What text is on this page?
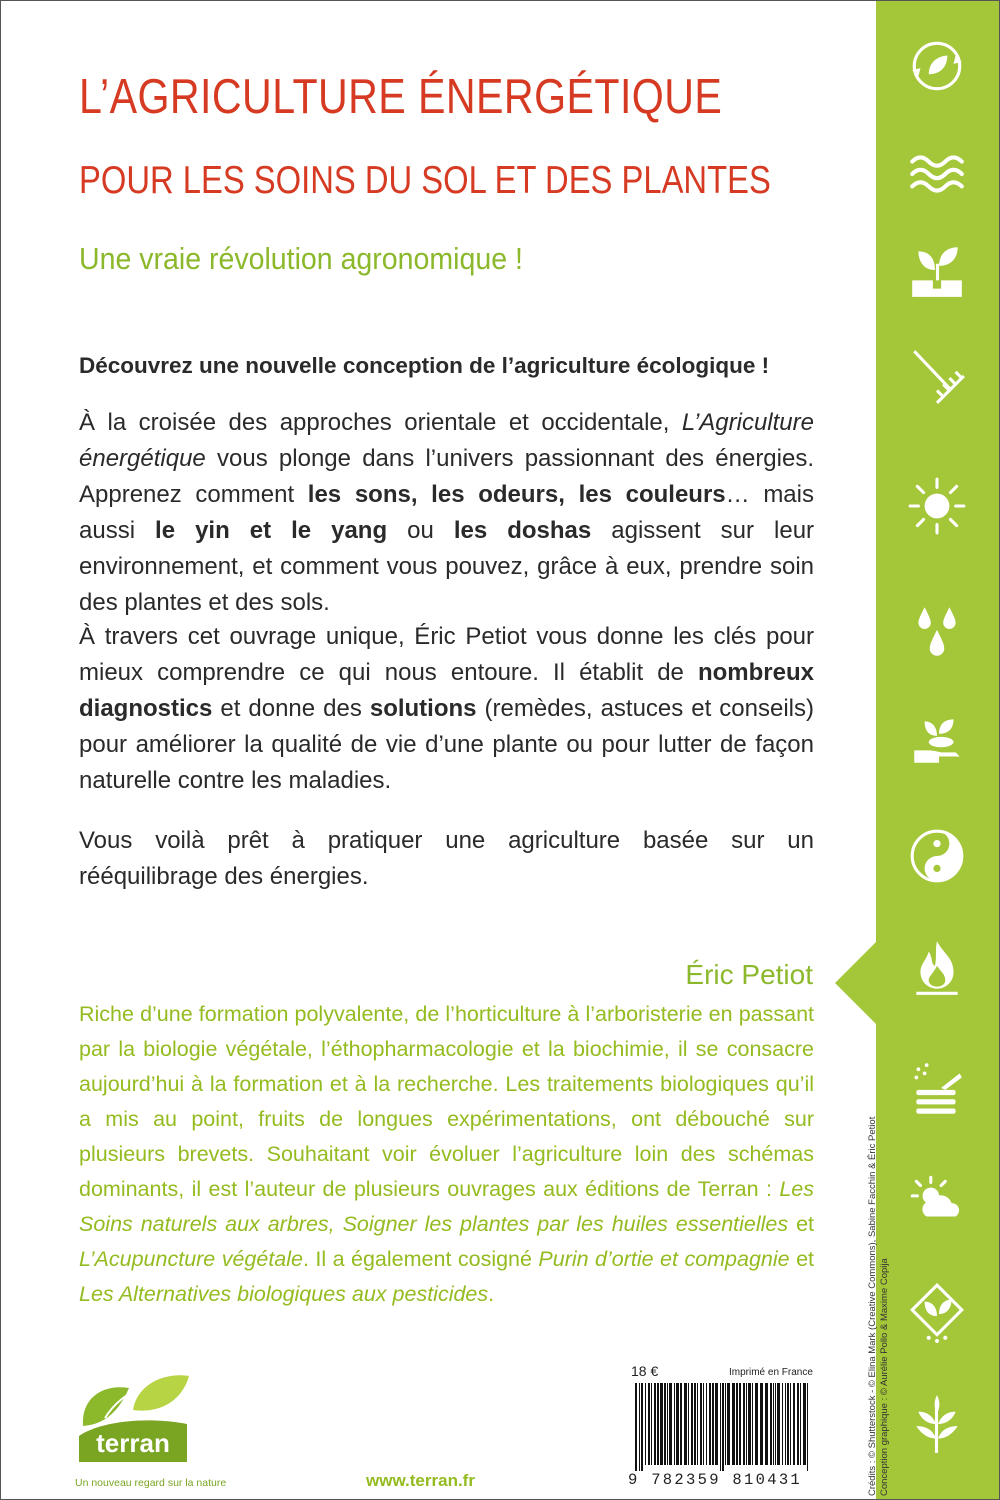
L’AGRICULTURE ÉNERGÉTIQUE
POUR LES SOINS DU SOL ET DES PLANTES
Une vraie révolution agronomique !
Découvrez une nouvelle conception de l’agriculture écologique !
À la croisée des approches orientale et occidentale, L’Agriculture énergétique vous plonge dans l’univers passionnant des énergies. Apprenez comment les sons, les odeurs, les couleurs… mais aussi le yin et le yang ou les doshas agissent sur leur environnement, et comment vous pouvez, grâce à eux, prendre soin des plantes et des sols.
À travers cet ouvrage unique, Éric Petiot vous donne les clés pour mieux comprendre ce qui nous entoure. Il établit de nombreux diagnostics et donne des solutions (remèdes, astuces et conseils) pour améliorer la qualité de vie d’une plante ou pour lutter de façon naturelle contre les maladies.
Vous voilà prêt à pratiquer une agriculture basée sur un rééquilibrage des énergies.
Éric Petiot
Riche d’une formation polyvalente, de l’horticulture à l’arboristerie en passant par la biologie végétale, l’éthopharmacologie et la biochimie, il se consacre aujourd’hui à la formation et à la recherche. Les traitements biologiques qu’il a mis au point, fruits de longues expérimentations, ont débouché sur plusieurs brevets. Souhaitant voir évoluer l’agriculture loin des schémas dominants, il est l’auteur de plusieurs ouvrages aux éditions de Terran : Les Soins naturels aux arbres, Soigner les plantes par les huiles essentielles et L’Acupuncture végétale. Il a également cosigné Purin d’ortie et compagnie et Les Alternatives biologiques aux pesticides.
terran
Un nouveau regard sur la nature	www.terran.fr
18 €	Imprimé en France
9 782359 810431	Crédits : © Shutterstock - © Elina Mark (Creative Commons), Sabine Facchin & Éric Petiot Conception graphique : © Aurélie Pollo & Maxime Copija
